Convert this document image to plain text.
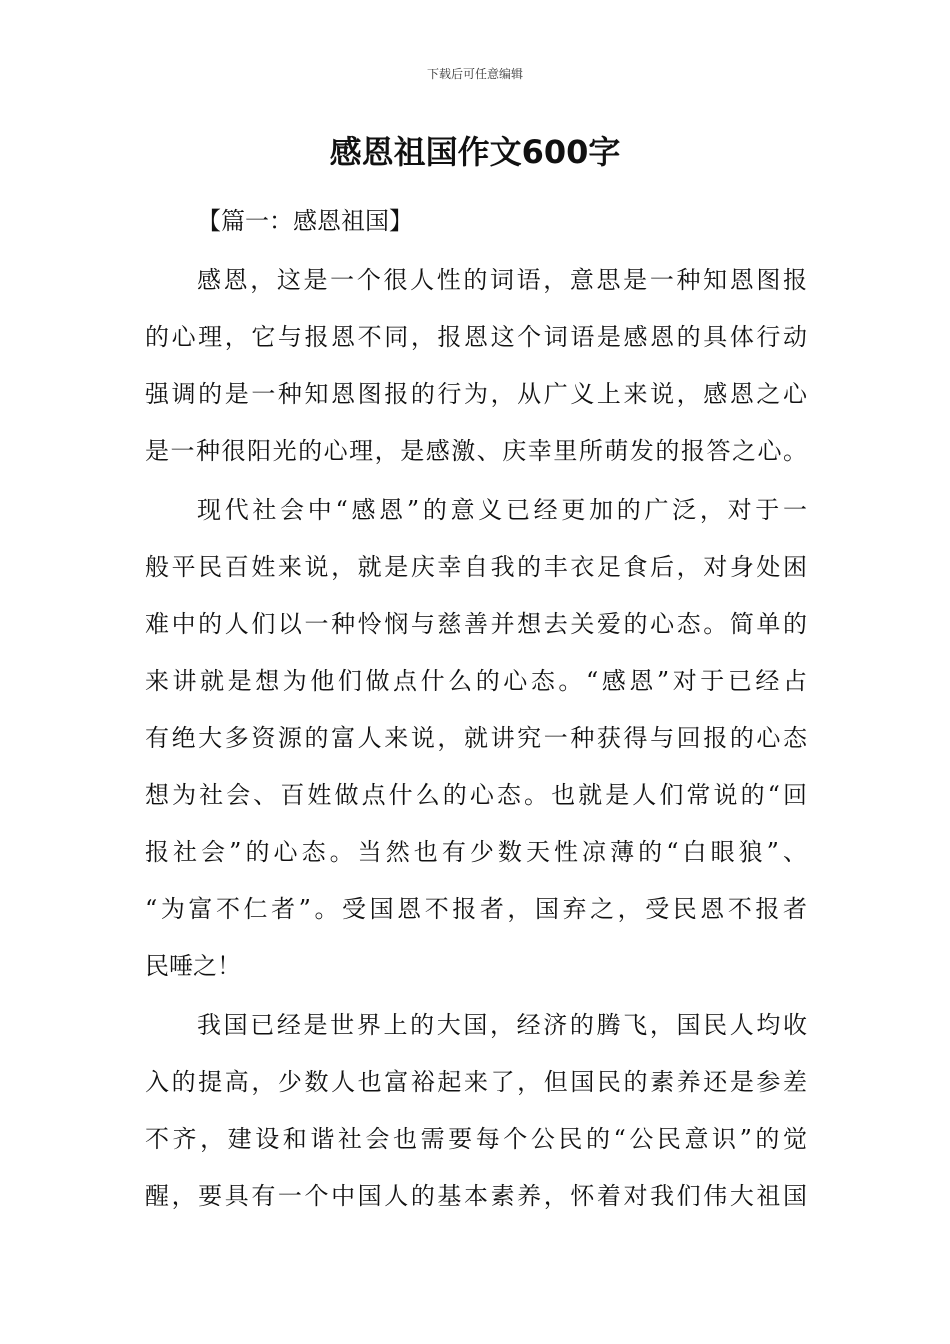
下载后可任意编辑
感恩祖国作文600字
【篇一：感恩祖国】
感恩，这是一个很人性的词语，意思是一种知恩图报
的心理，它与报恩不同，报恩这个词语是感恩的具体行动
强调的是一种知恩图报的行为，从广义上来说，感恩之心
是一种很阳光的心理，是感激、庆幸里所萌发的报答之心。
现代社会中“感恩”的意义已经更加的广泛，对于一
般平民百姓来说，就是庆幸自我的丰衣足食后，对身处困
难中的人们以一种怜悯与慈善并想去关爱的心态。简单的
来讲就是想为他们做点什么的心态。“感恩”对于已经占
有绝大多资源的富人来说，就讲究一种获得与回报的心态
想为社会、百姓做点什么的心态。也就是人们常说的“回
报社会”的心态。当然也有少数天性凉薄的“白眼狼”、
“为富不仁者”。受国恩不报者，国弃之，受民恩不报者
民唾之！
我国已经是世界上的大国，经济的腾飞，国民人均收
入的提高，少数人也富裕起来了，但国民的素养还是参差
不齐，建设和谐社会也需要每个公民的“公民意识”的觉
醒，要具有一个中国人的基本素养，怀着对我们伟大祖国
